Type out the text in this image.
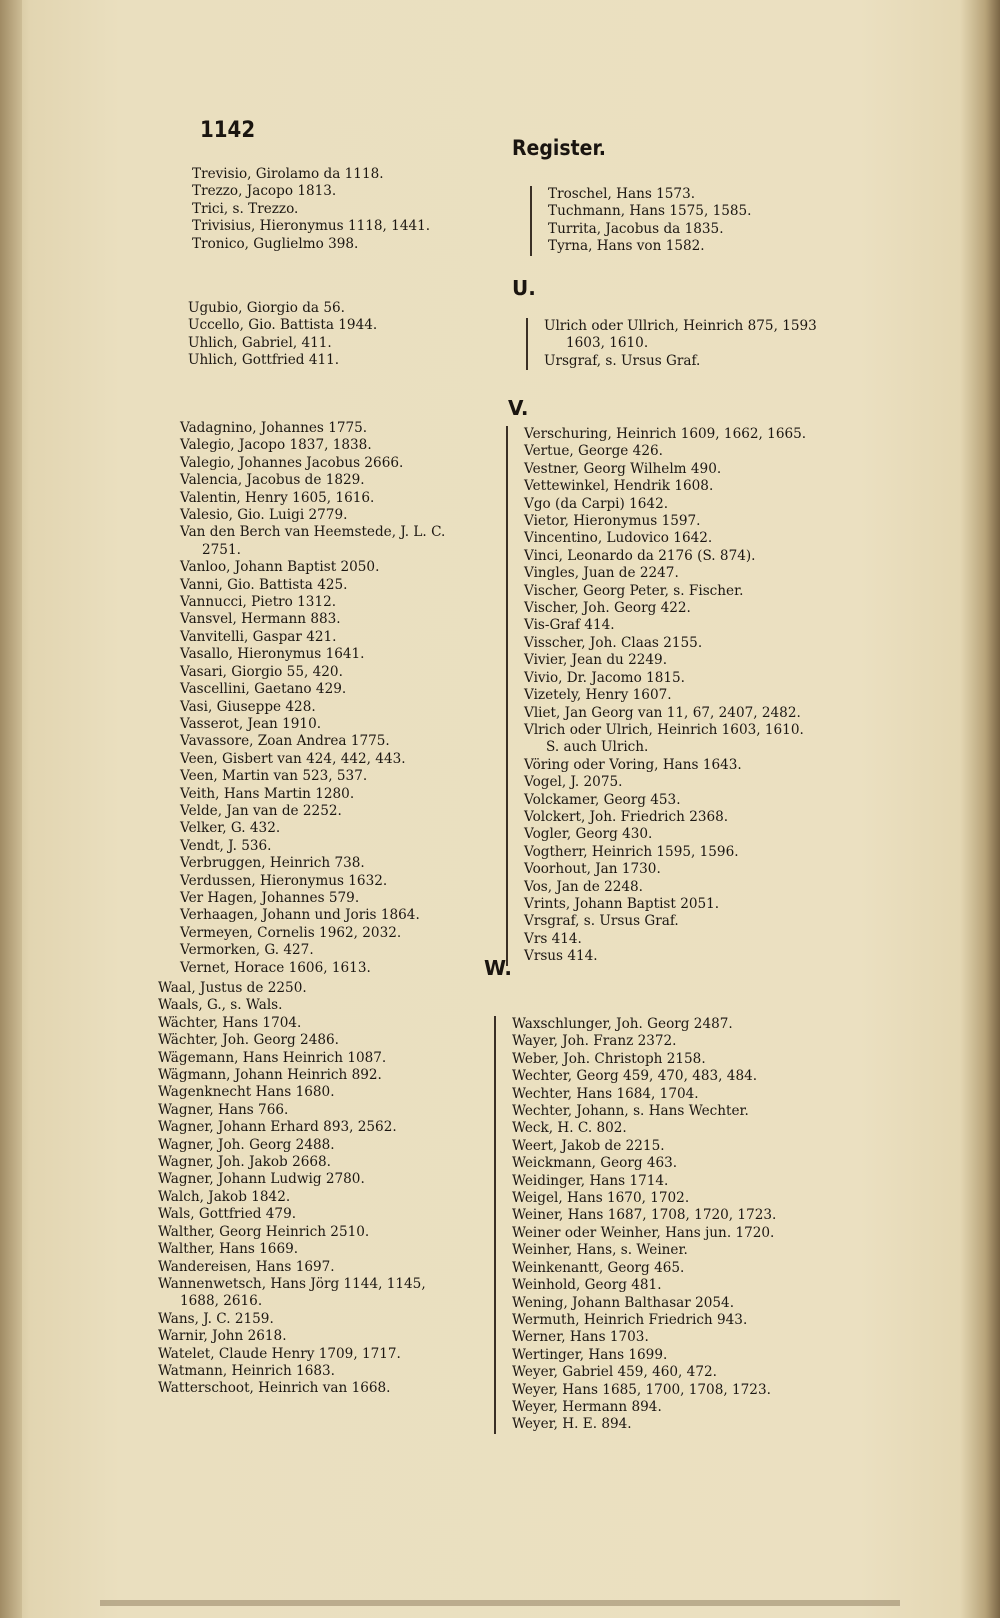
1142
Register.
Trevisio, Girolamo da 1118.
Trezzo, Jacopo 1813.
Trici, s. Trezzo.
Trivisius, Hieronymus 1118, 1441.
Tronico, Guglielmo 398.
Troschel, Hans 1573.
Tuchmann, Hans 1575, 1585.
Turrita, Jacobus da 1835.
Tyrna, Hans von 1582.
U.
Ugubio, Giorgio da 56.
Uccello, Gio. Battista 1944.
Uhlich, Gabriel, 411.
Uhlich, Gottfried 411.
Ulrich oder Ullrich, Heinrich 875, 1593
1603, 1610.
Ursgraf, s. Ursus Graf.
V.
Vadagnino, Johannes 1775.
Valegio, Jacopo 1837, 1838.
Valegio, Johannes Jacobus 2666.
Valencia, Jacobus de 1829.
Valentin, Henry 1605, 1616.
Valesio, Gio. Luigi 2779.
Van den Berch van Heemstede, J. L. C.
2751.
Vanloo, Johann Baptist 2050.
Vanni, Gio. Battista 425.
Vannucci, Pietro 1312.
Vansvel, Hermann 883.
Vanvitelli, Gaspar 421.
Vasallo, Hieronymus 1641.
Vasari, Giorgio 55, 420.
Vascellini, Gaetano 429.
Vasi, Giuseppe 428.
Vasserot, Jean 1910.
Vavassore, Zoan Andrea 1775.
Veen, Gisbert van 424, 442, 443.
Veen, Martin van 523, 537.
Veith, Hans Martin 1280.
Velde, Jan van de 2252.
Velker, G. 432.
Vendt, J. 536.
Verbruggen, Heinrich 738.
Verdussen, Hieronymus 1632.
Ver Hagen, Johannes 579.
Verhaagen, Johann und Joris 1864.
Vermeyen, Cornelis 1962, 2032.
Vermorken, G. 427.
Vernet, Horace 1606, 1613.
Verschuring, Heinrich 1609, 1662, 1665.
Vertue, George 426.
Vestner, Georg Wilhelm 490.
Vettewinkel, Hendrik 1608.
Vgo (da Carpi) 1642.
Vietor, Hieronymus 1597.
Vincentino, Ludovico 1642.
Vinci, Leonardo da 2176 (S. 874).
Vingles, Juan de 2247.
Vischer, Georg Peter, s. Fischer.
Vischer, Joh. Georg 422.
Vis-Graf 414.
Visscher, Joh. Claas 2155.
Vivier, Jean du 2249.
Vivio, Dr. Jacomo 1815.
Vizetely, Henry 1607.
Vliet, Jan Georg van 11, 67, 2407, 2482.
Vlrich oder Ulrich, Heinrich 1603, 1610.
S. auch Ulrich.
Vöring oder Voring, Hans 1643.
Vogel, J. 2075.
Volckamer, Georg 453.
Volckert, Joh. Friedrich 2368.
Vogler, Georg 430.
Vogtherr, Heinrich 1595, 1596.
Voorhout, Jan 1730.
Vos, Jan de 2248.
Vrints, Johann Baptist 2051.
Vrsgraf, s. Ursus Graf.
Vrs 414.
Vrsus 414.
W.
Waal, Justus de 2250.
Waals, G., s. Wals.
Wächter, Hans 1704.
Wächter, Joh. Georg 2486.
Wägemann, Hans Heinrich 1087.
Wägmann, Johann Heinrich 892.
Wagenknecht Hans 1680.
Wagner, Hans 766.
Wagner, Johann Erhard 893, 2562.
Wagner, Joh. Georg 2488.
Wagner, Joh. Jakob 2668.
Wagner, Johann Ludwig 2780.
Walch, Jakob 1842.
Wals, Gottfried 479.
Walther, Georg Heinrich 2510.
Walther, Hans 1669.
Wandereisen, Hans 1697.
Wannenwetsch, Hans Jörg 1144, 1145,
1688, 2616.
Wans, J. C. 2159.
Warnir, John 2618.
Watelet, Claude Henry 1709, 1717.
Watmann, Heinrich 1683.
Watterschoot, Heinrich van 1668.
Waxschlunger, Joh. Georg 2487.
Wayer, Joh. Franz 2372.
Weber, Joh. Christoph 2158.
Wechter, Georg 459, 470, 483, 484.
Wechter, Hans 1684, 1704.
Wechter, Johann, s. Hans Wechter.
Weck, H. C. 802.
Weert, Jakob de 2215.
Weickmann, Georg 463.
Weidinger, Hans 1714.
Weigel, Hans 1670, 1702.
Weiner, Hans 1687, 1708, 1720, 1723.
Weiner oder Weinher, Hans jun. 1720.
Weinher, Hans, s. Weiner.
Weinkenantt, Georg 465.
Weinhold, Georg 481.
Wening, Johann Balthasar 2054.
Wermuth, Heinrich Friedrich 943.
Werner, Hans 1703.
Wertinger, Hans 1699.
Weyer, Gabriel 459, 460, 472.
Weyer, Hans 1685, 1700, 1708, 1723.
Weyer, Hermann 894.
Weyer, H. E. 894.
